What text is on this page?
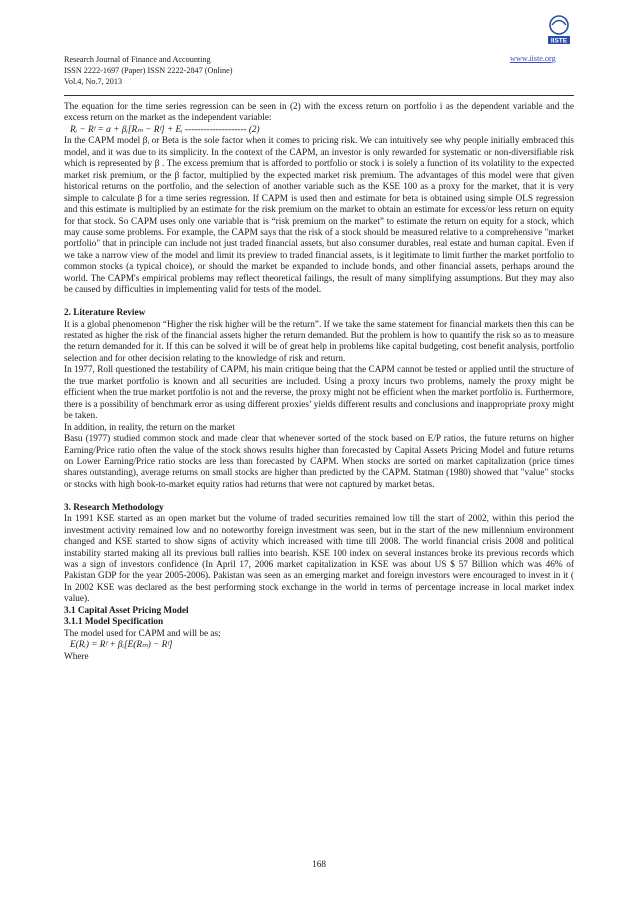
IISTE
Research Journal of Finance and Accounting
ISSN 2222-1697 (Paper) ISSN 2222-2847 (Online)
Vol.4, No.7, 2013
www.iiste.org

The equation for the time series regression can be seen in (2) with the excess return on portfolio i as the dependent variable and the excess return on the market as the independent variable:

Rᵢ − Rᶠ = α + βᵢ[Rₘ − Rᶠ] + Eᵢ -------------------- (2)

In the CAPM model βᵢ or Beta is the sole factor when it comes to pricing risk. We can intuitively see why people initially embraced this model, and it was due to its simplicity. In the context of the CAPM, an investor is only rewarded for systematic or non-diversifiable risk which is represented by β . The excess premium that is afforded to portfolio or stock i is solely a function of its volatility to the expected market risk premium, or the β factor, multiplied by the expected market risk premium. The advantages of this model were that given historical returns on the portfolio, and the selection of another variable such as the KSE 100 as a proxy for the market, that it is very simple to calculate β for a time series regression. If CAPM is used then and estimate for beta is obtained using simple OLS regression and this estimate is multiplied by an estimate for the risk premium on the market to obtain an estimate for excess/or less return on equity for that stock. So CAPM uses only one variable that is “risk premium on the market” to estimate the return on equity for a stock, which may cause some problems. For example, the CAPM says that the risk of a stock should be measured relative to a comprehensive "market portfolio" that in principle can include not just traded financial assets, but also consumer durables, real estate and human capital. Even if we take a narrow view of the model and limit its preview to traded financial assets, is it legitimate to limit further the market portfolio to common stocks (a typical choice), or should the market be expanded to include bonds, and other financial assets, perhaps around the world. The CAPM's empirical problems may reflect theoretical failings, the result of many simplifying assumptions. But they may also be caused by difficulties in implementing valid for tests of the model.

2. Literature Review

It is a global phenomenon “Higher the risk higher will be the return”. If we take the same statement for financial markets then this can be restated as higher the risk of the financial assets higher the return demanded. But the problem is how to quantify the risk so as to measure the return demanded for it. If this can be solved it will be of great help in problems like capital budgeting, cost benefit analysis, portfolio selection and for other decision relating to the knowledge of risk and return.

In 1977, Roll questioned the testability of CAPM, his main critique being that the CAPM cannot be tested or applied until the structure of the true market portfolio is known and all securities are included. Using a proxy incurs two problems, namely the proxy might be efficient when the true market portfolio is not and the reverse, the proxy might not be efficient when the market portfolio is. Furthermore, there is a possibility of benchmark error as using different proxies’ yields different results and conclusions and inappropriate proxy might be taken.

In addition, in reality, the return on the market

Basu (1977) studied common stock and made clear that whenever sorted of the stock based on E/P ratios, the future returns on higher Earning/Price ratio often the value of the stock shows results higher than forecasted by Capital Assets Pricing Model and future returns on Lower Earning/Price ratio stocks are less than forecasted by CAPM. When stocks are sorted on market capitalization (price times shares outstanding), average returns on small stocks are higher than predicted by the CAPM. Statman (1980) showed that "value" stocks or stocks with high book-to-market equity ratios had returns that were not captured by market betas.

3. Research Methodology

In 1991 KSE started as an open market but the volume of traded securities remained low till the start of 2002, within this period the investment activity remained low and no noteworthy foreign investment was seen, but in the start of the new millennium environment changed and KSE started to show signs of activity which increased with time till 2008. The world financial crisis 2008 and political instability started making all its previous bull rallies into bearish. KSE 100 index on several instances broke its previous records which was a sign of investors confidence (In April 17, 2006 market capitalization in KSE was about US $ 57 Billion which was 46% of Pakistan GDP for the year 2005-2006). Pakistan was seen as an emerging market and foreign investors were encouraged to invest in it ( In 2002 KSE was declared as the best performing stock exchange in the world in terms of percentage increase in local market index value).

3.1 Capital Asset Pricing Model

3.1.1 Model Specification

The model used for CAPM and will be as;

E(Rᵢ) = Rᶠ + βᵢ[E(Rₘ) − Rᶠ]

Where

168
